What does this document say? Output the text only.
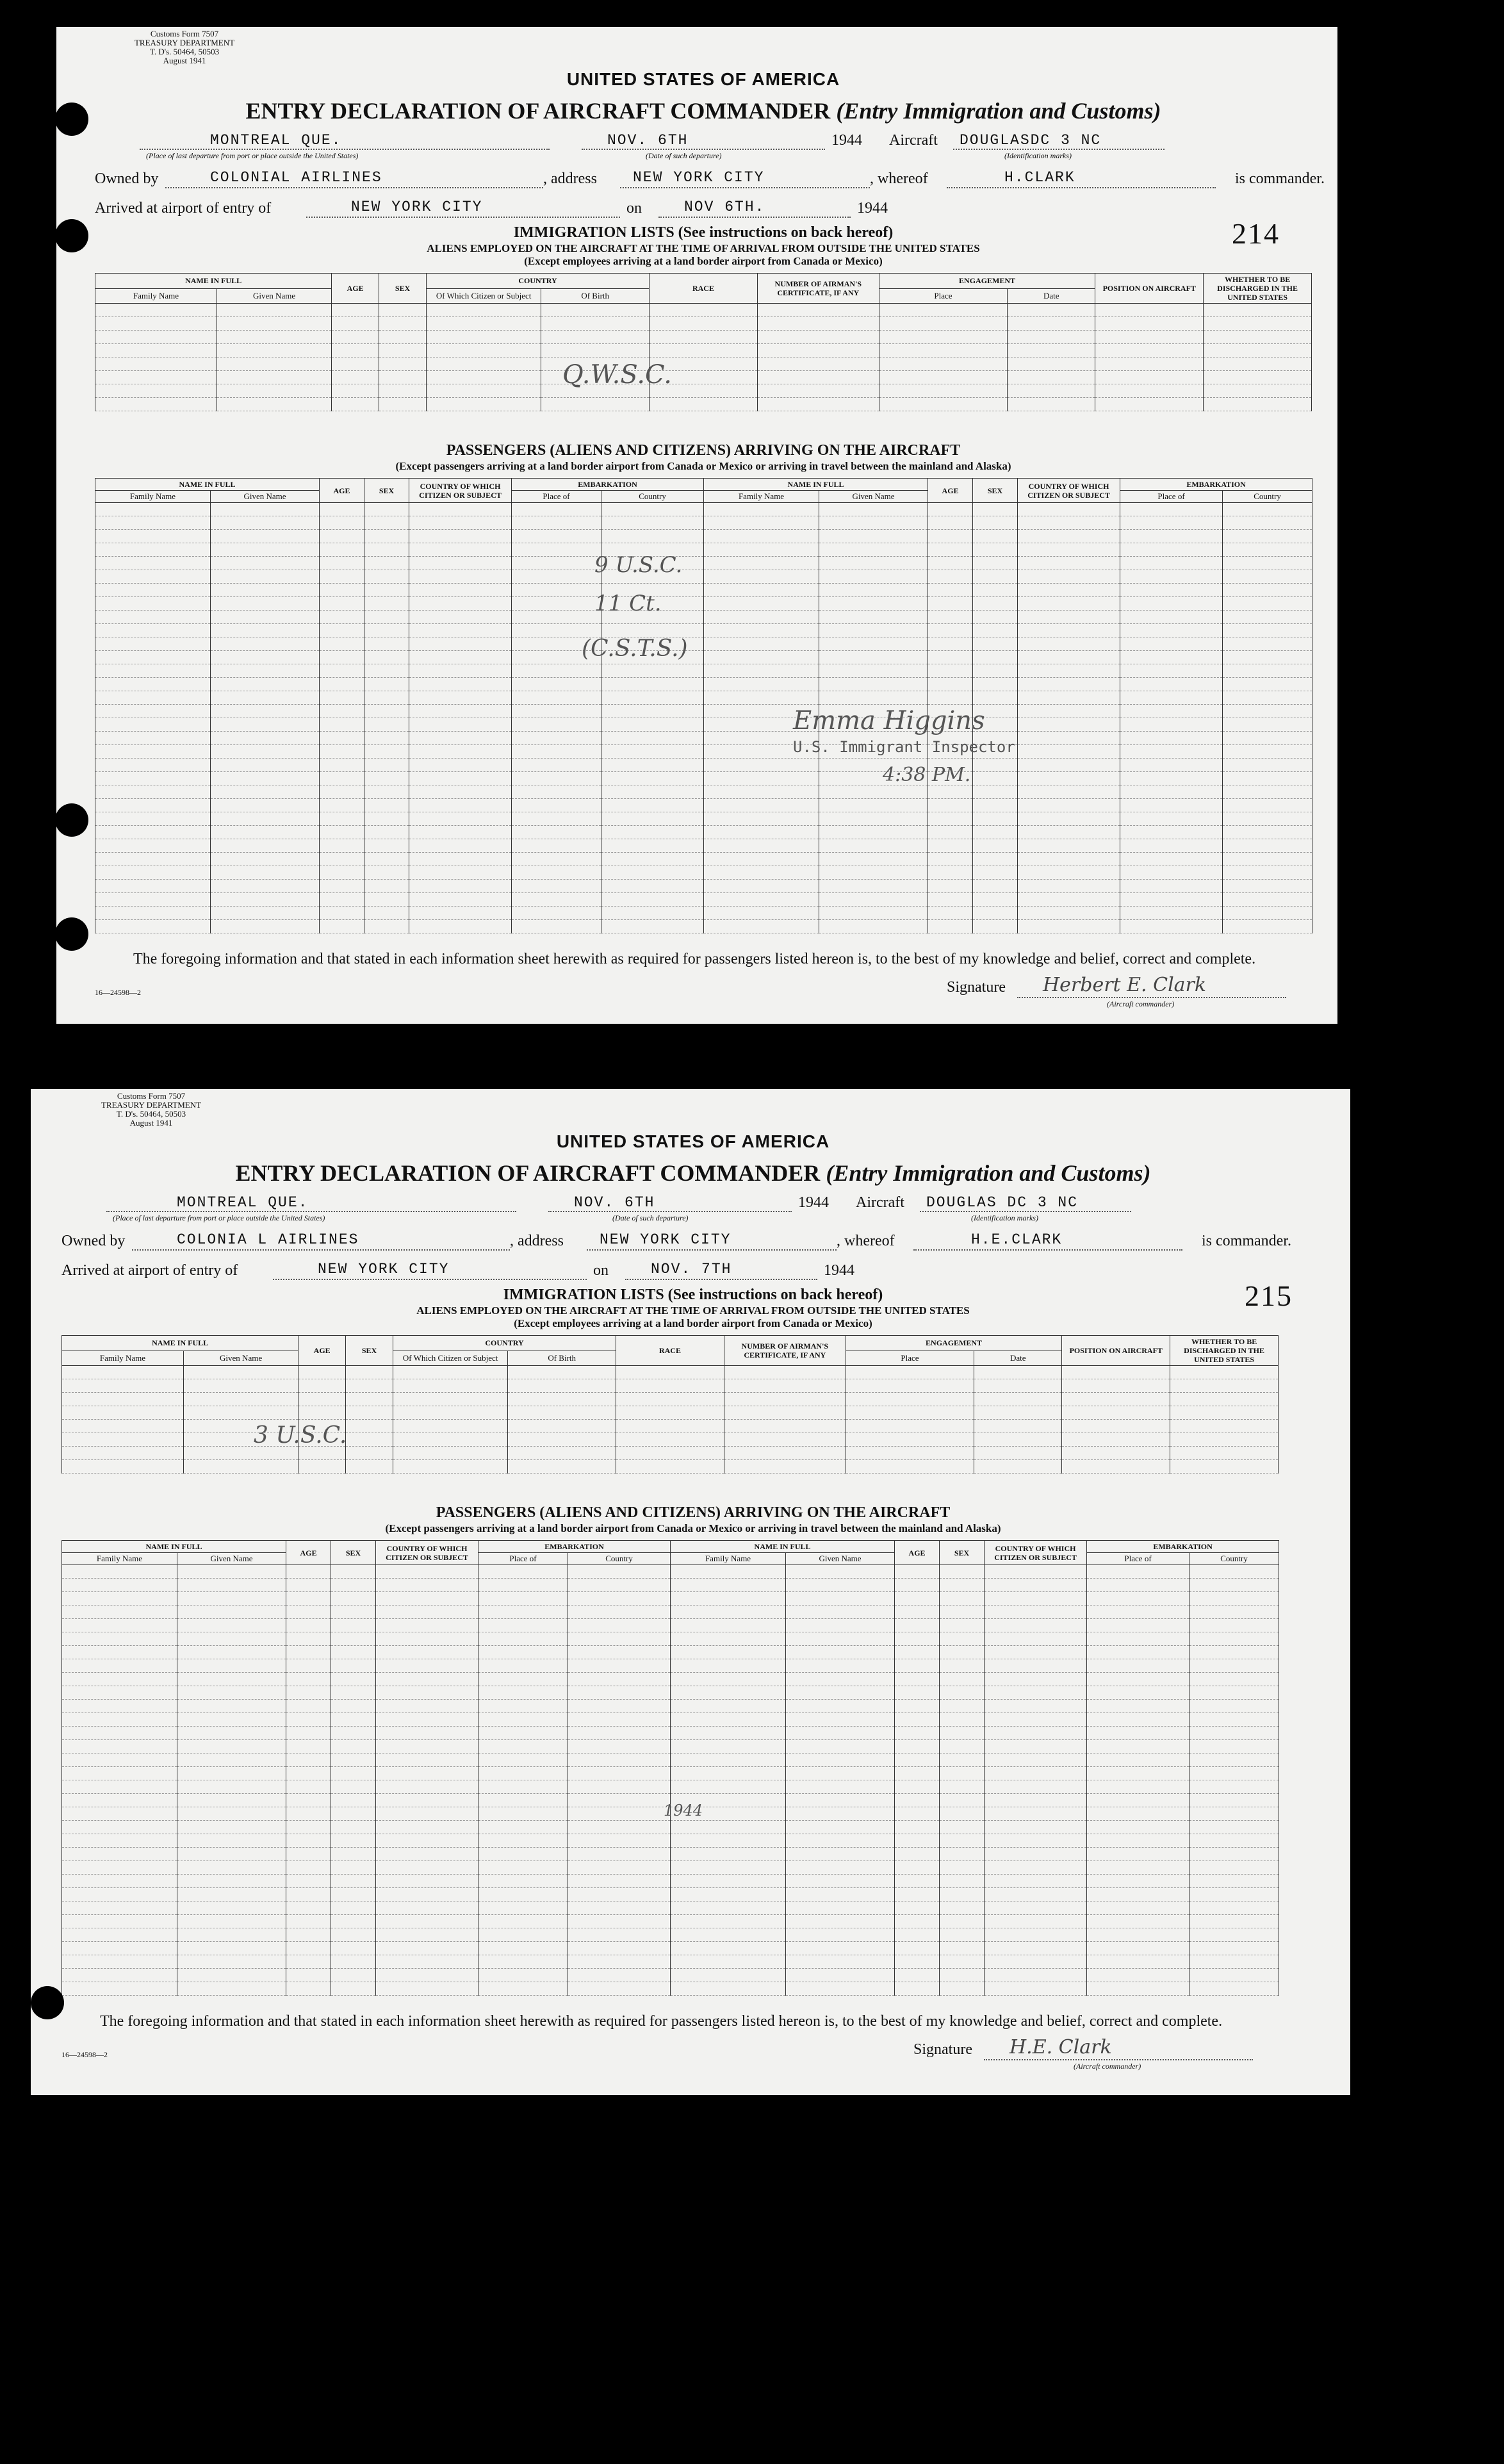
Customs Form 7507
TREASURY DEPARTMENT
T. D's. 50464, 50503
August 1941
UNITED STATES OF AMERICA
ENTRY DECLARATION OF AIRCRAFT COMMANDER (Entry Immigration and Customs)
MONTREAL QUE.
(Place of last departure from port or place outside the United States)
NOV. 6TH
(Date of such departure)
1944 Aircraft DOUGLASDC 3 NC
(Identification marks)
Owned by	COLONIAL AIRLINES	, address NEW YORK CITY	, whereof	H.CLARK	is commander.
Arrived at airport of entry of	NEW YORK CITY	on	NOV 6TH.	1944
IMMIGRATION LISTS (See instructions on back hereof)
ALIENS EMPLOYED ON THE AIRCRAFT AT THE TIME OF ARRIVAL FROM OUTSIDE THE UNITED STATES
(Except employees arriving at a land border airport from Canada or Mexico)
214
NAME IN FULL		AGE	SEX	COUNTRY		RACE	NUMBER OF AIRMAN'S CERTIFICATE, IF ANY	ENGAGEMENT		POSITION ON AIRCRAFT	WHETHER TO BE DISCHARGED IN THE UNITED STATES
Family Name	Given Name			Of Which Citizen or Subject	Of Birth			Place	Date		

PASSENGERS (ALIENS AND CITIZENS) ARRIVING ON THE AIRCRAFT
(Except passengers arriving at a land border airport from Canada or Mexico or arriving in travel between the mainland and Alaska)
NAME IN FULL		AGE	SEX	COUNTRY OF WHICH CITIZEN OR SUBJECT	EMBARKATION		NAME IN FULL		AGE	SEX	COUNTRY OF WHICH CITIZEN OR SUBJECT	EMBARKATION	
Family Name	Given Name				Place of	Country	Family Name	Given Name				Place of	Country

The foregoing information and that stated in each information sheet herewith as required for passengers listed hereon is, to the best of my knowledge and belief, correct and complete.
16—24598—2	Signature Herbert E. Clark
(Aircraft commander)
Q.W.S.C.
9 U.S.C.
11 Ct.
(C.S.T.S.)
Emma Higgins
U.S. Immigrant Inspector
4:38 PM.
Customs Form 7507
TREASURY DEPARTMENT
T. D's. 50464, 50503
August 1941
UNITED STATES OF AMERICA
ENTRY DECLARATION OF AIRCRAFT COMMANDER (Entry Immigration and Customs)
MONTREAL QUE.
(Place of last departure from port or place outside the United States)
NOV. 6TH
(Date of such departure)
1944 Aircraft DOUGLAS DC 3 NC
(Identification marks)
Owned by	COLONIA L AIRLINES	, address NEW YORK CITY	, whereof	H.E.CLARK	is commander.
Arrived at airport of entry of	NEW YORK CITY	on	NOV. 7TH	1944
IMMIGRATION LISTS (See instructions on back hereof)
ALIENS EMPLOYED ON THE AIRCRAFT AT THE TIME OF ARRIVAL FROM OUTSIDE THE UNITED STATES
(Except employees arriving at a land border airport from Canada or Mexico)
215
NAME IN FULL		AGE	SEX	COUNTRY		RACE	NUMBER OF AIRMAN'S CERTIFICATE, IF ANY	ENGAGEMENT		POSITION ON AIRCRAFT	WHETHER TO BE DISCHARGED IN THE UNITED STATES
Family Name	Given Name			Of Which Citizen or Subject	Of Birth			Place	Date		

PASSENGERS (ALIENS AND CITIZENS) ARRIVING ON THE AIRCRAFT
(Except passengers arriving at a land border airport from Canada or Mexico or arriving in travel between the mainland and Alaska)
NAME IN FULL		AGE	SEX	COUNTRY OF WHICH CITIZEN OR SUBJECT	EMBARKATION		NAME IN FULL		AGE	SEX	COUNTRY OF WHICH CITIZEN OR SUBJECT	EMBARKATION	
Family Name	Given Name				Place of	Country	Family Name	Given Name				Place of	Country

The foregoing information and that stated in each information sheet herewith as required for passengers listed hereon is, to the best of my knowledge and belief, correct and complete.
16—24598—2	Signature H.E. Clark
(Aircraft commander)
3 U.S.C.
1944
